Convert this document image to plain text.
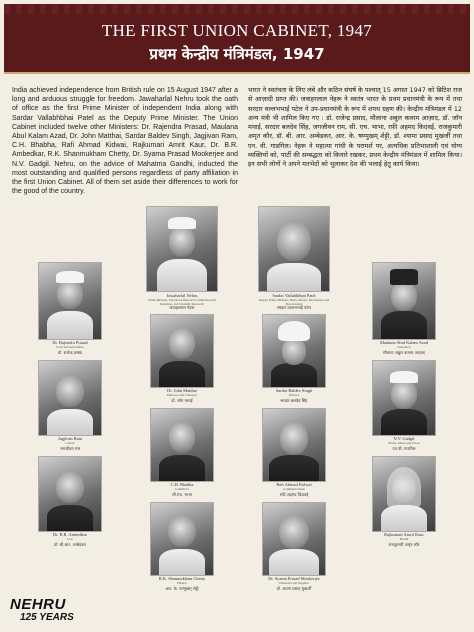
THE FIRST UNION CABINET, 1947
प्रथम केन्द्रीय मंत्रिमंडल, 1947
India achieved independence from British rule on 15 August 1947 after a long and arduous struggle for freedom. Jawaharlal Nehru took the oath of office as the first Prime Minister of independent India along with Sardar Vallabhbhai Patel as the Deputy Prime Minister. The Union Cabinet included twelve other Ministers: Dr. Rajendra Prasad, Maulana Abul Kalam Azad, Dr. John Matthai, Sardar Baldev Singh, Jagjivan Ram, C.H. Bhabha, Rafi Ahmad Kidwai, Rajkumari Amrit Kaur, Dr. B.R. Ambedkar, R.K. Shanmukham Chetty, Dr. Syama Prasad Mookerjee and N.V. Gadgil. Nehru, on the advice of Mahatma Gandhi, inducted the most outstanding and qualified persons regardless of party affiliation in the first Union Cabinet. All of them set aside their differences to work for the good of the country.
भारत ने स्वतंत्रता के लिए लंबे और कठिन संघर्ष के पश्चात् 15 अगस्त 1947 को ब्रिटिश राज से आज़ादी प्राप्त की। जवाहरलाल नेहरू ने स्वतंत्र भारत के प्रथम प्रधानमंत्री के रूप में तथा सरदार वल्लभभाई पटेल ने उप-प्रधानमंत्री के रूप में शपथ ग्रहण की। केन्द्रीय मंत्रिमंडल में 12 अन्य मंत्री भी शामिल किए गए : डॉ. राजेन्द्र प्रसाद, मौलाना अबुल कलाम आज़ाद, डॉ. जॉन मथाई, सरदार बलदेव सिंह, जगजीवन राम, सी. एच. भाभा, रफ़ी अहमद किदवई, राजकुमारी अमृत कौर, डॉ. बी. आर. अम्बेडकर, आर. के. षण्मुखम् शेट्टी, डॉ. श्यामा प्रसाद मुखर्जी तथा एन. वी. गाडगिल। नेहरू ने महात्मा गांधी के परामर्श पर, अत्यधिक प्रतिभाशाली एवं योग्य व्यक्तियों को, पार्टी की सम्बद्धता को किनारे रखकर, प्रथम केन्द्रीय मंत्रिमंडल में शामिल किया। इन सभी लोगों ने अपने मतभेदों को भुलाकर देश की भलाई हेतु कार्य किया।
Jawaharlal Nehru
Prime Minister, External Affairs and Commonwealth Relations, and Scientific Research
जवाहरलाल नेहरू
Sardar Vallabhbhai Patel
Deputy Prime Minister, Home Affairs, Information and Broadcasting
सरदार वल्लभभाई पटेल
Dr. Rajendra Prasad
Food and Agriculture
डॉ. राजेन्द्र प्रसाद
Dr. John Matthai
Railways and Transport
डॉ. जॉन मथाई
Sardar Baldev Singh
Defence
सरदार बलदेव सिंह
Maulana Abul Kalam Azad
Education
मौलाना अबुल कलाम आज़ाद
Jagjivan Ram
Labour
जगजीवन राम
C.H. Bhabha
Commerce
सी.एच. भाभा
Rafi Ahmad Kidwai
Communications
रफ़ी अहमद किदवई
N.V. Gadgil
Works, Mines and Power
एन.वी. गाडगिल
Dr. B.R. Ambedkar
Law
डॉ. बी.आर. अम्बेडकर
R.K. Shanmukham Chetty
Finance
आर. के. षण्मुखम् शेट्टी
Dr. Syama Prasad Mookerjee
Industries and Supplies
डॉ. श्यामा प्रसाद मुखर्जी
Rajkumari Amrit Kaur
Health
राजकुमारी अमृत कौर
NEHRU
125 YEARS
